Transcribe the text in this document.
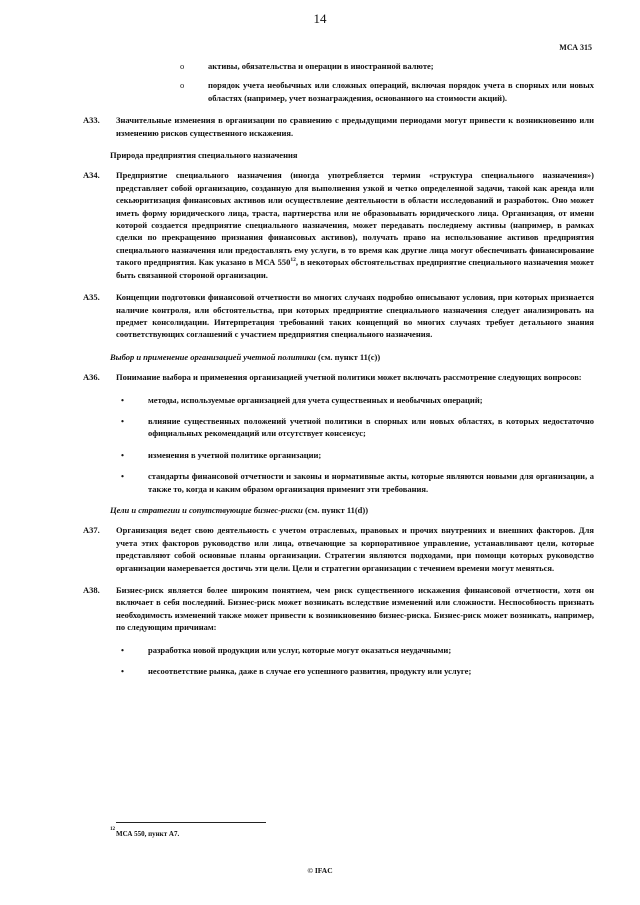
14
МСА 315
o	активы, обязательства и операции в иностранной валюте;
o	порядок учета необычных или сложных операций, включая порядок учета в спорных или новых областях (например, учет вознаграждения, основанного на стоимости акций).
A33. Значительные изменения в организации по сравнению с предыдущими периодами могут привести к возникновению или изменению рисков существенного искажения.
Природа предприятия специального назначения
A34. Предприятие специального назначения (иногда употребляется термин «структура специального назначения») представляет собой организацию, созданную для выполнения узкой и четко определенной задачи, такой как аренда или секьюритизация финансовых активов или осуществление деятельности в области исследований и разработок. Оно может иметь форму юридического лица, траста, партнерства или не образовывать юридического лица. Организация, от имени которой создается предприятие специального назначения, может передавать последнему активы (например, в рамках сделки по прекращению признания финансовых активов), получать право на использование активов предприятия специального назначения или предоставлять ему услуги, в то время как другие лица могут обеспечивать финансирование такого предприятия. Как указано в МСА $550^{12}$, в некоторых обстоятельствах предприятие специального назначения может быть связанной стороной организации.
A35. Концепции подготовки финансовой отчетности во многих случаях подробно описывают условия, при которых признается наличие контроля, или обстоятельства, при которых предприятие специального назначения следует анализировать на предмет консолидации. Интерпретация требований таких концепций во многих случаях требует детального знания соответствующих соглашений с участием предприятия специального назначения.
Выбор и применение организацией учетной политики (см. пункт 11(c))
A36. Понимание выбора и применения организацией учетной политики может включать рассмотрение следующих вопросов:
•	методы, используемые организацией для учета существенных и необычных операций;
•	влияние существенных положений учетной политики в спорных или новых областях, в которых недостаточно официальных рекомендаций или отсутствует консенсус;
•	изменения в учетной политике организации;
•	стандарты финансовой отчетности и законы и нормативные акты, которые являются новыми для организации, а также то, когда и каким образом организация применит эти требования.
Цели и стратегии и сопутствующие бизнес-риски (см. пункт 11(d))
A37. Организация ведет свою деятельность с учетом отраслевых, правовых и прочих внутренних и внешних факторов. Для учета этих факторов руководство или лица, отвечающие за корпоративное управление, устанавливают цели, которые представляют собой основные планы организации. Стратегии являются подходами, при помощи которых руководство организации намеревается достичь эти цели. Цели и стратегии организации с течением времени могут меняться.
A38. Бизнес-риск является более широким понятием, чем риск существенного искажения финансовой отчетности, хотя он включает в себя последний. Бизнес-риск может возникать вследствие изменений или сложности. Неспособность признать необходимость изменений также может привести к возникновению бизнес-риска. Бизнес-риск может возникать, например, по следующим причинам:
•	разработка новой продукции или услуг, которые могут оказаться неудачными;
•	несоответствие рынка, даже в случае его успешного развития, продукту или услуге;
12
МСА 550, пункт A7.
© IFAC
